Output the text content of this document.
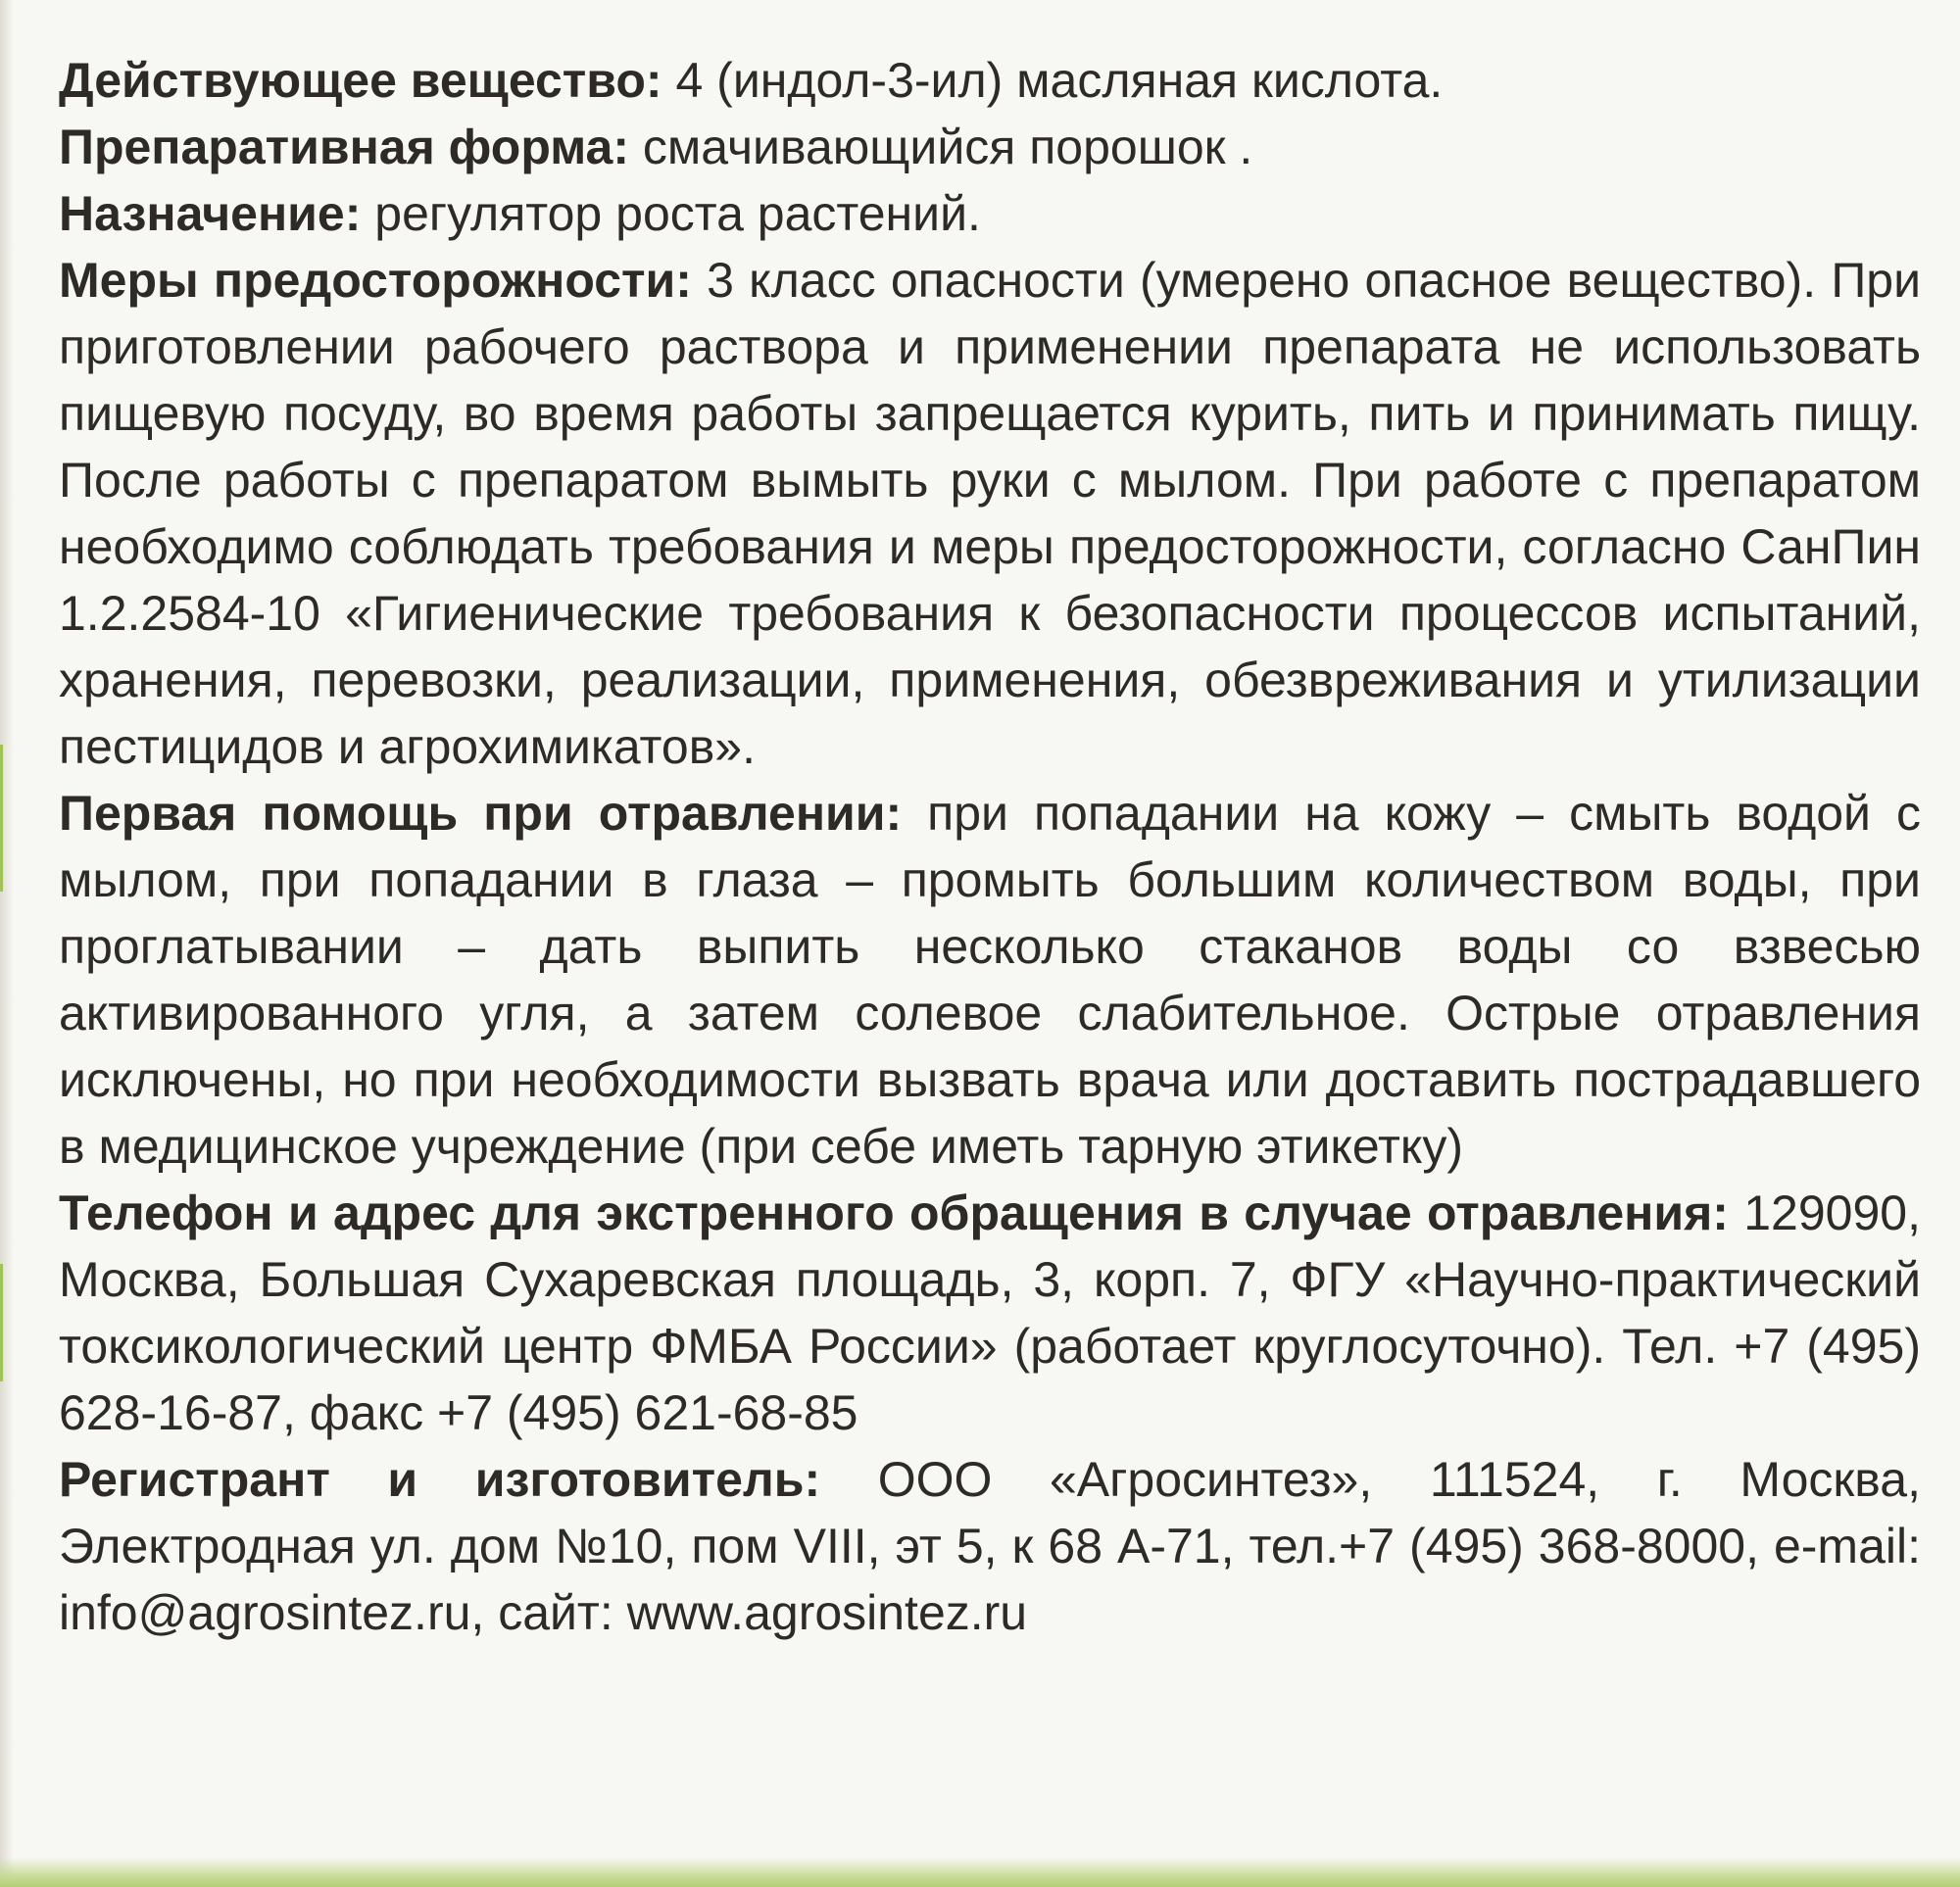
Действующее вещество: 4 (индол-3-ил) масляная кислота.

Препаративная форма: смачивающийся порошок .

Назначение: регулятор роста растений.

Меры предосторожности: 3 класс опасности (умерено опасное вещество). При приготовлении рабочего раствора и применении препарата не использовать пищевую посуду, во время работы запрещается курить, пить и принимать пищу. После работы с препаратом вымыть руки с мылом. При работе с препаратом необходимо соблюдать требования и меры предосторожности, согласно СанПин 1.2.2584-10 «Гигиенические требования к безопасности процессов испытаний, хранения, перевозки, реализации, применения, обезвреживания и утилизации пестицидов и агрохимикатов».

Первая помощь при отравлении: при попадании на кожу – смыть водой с мылом, при попадании в глаза – промыть большим количеством воды, при проглатывании – дать выпить несколько стаканов воды со взвесью активированного угля, а затем солевое слабительное. Острые отравления исключены, но при необходимости вызвать врача или доставить пострадавшего в медицинское учреждение (при себе иметь тарную этикетку)

Телефон и адрес для экстренного обращения в случае отравления: 129090, Москва, Большая Сухаревская площадь, 3, корп. 7, ФГУ «Научно-практический токсикологический центр ФМБА России» (работает круглосуточно). Тел. +7 (495) 628-16-87, факс +7 (495) 621-68-85

Регистрант и изготовитель: ООО «Агросинтез», 111524, г. Москва, Электродная ул. дом №10, пом VIII, эт 5, к 68 А-71, тел.+7 (495) 368-8000, e-mail: info@agrosintez.ru, сайт: www.agrosintez.ru
